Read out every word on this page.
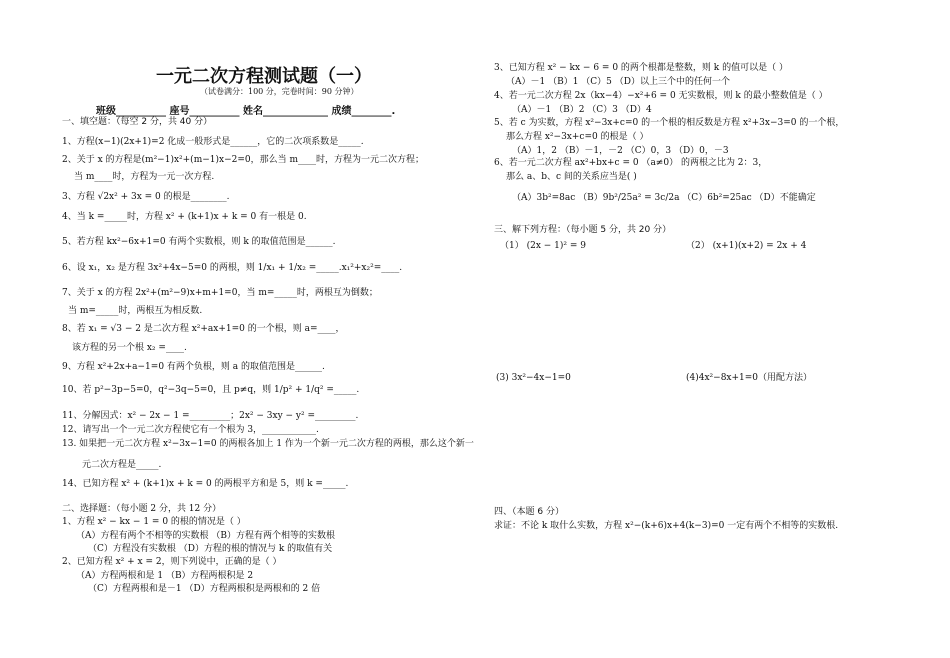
一元二次方程测试题（一）
（试卷满分：100 分，完卷时间：90 分钟）
班级__________ 座号__________ 姓名_____________ 成绩________.
一、填空题：（每空 2 分，共 40 分）
1、方程(x−1)(2x+1)=2 化成一般形式是______，它的二次项系数是_____.
2、关于 x 的方程是(m²−1)x²+(m−1)x−2=0，那么当 m____时，方程为一元二次方程；
当 m____时，方程为一元一次方程.
3、方程 √2x² + 3x = 0 的根是________.
4、当 k =_____时，方程 x² + (k+1)x + k = 0 有一根是 0.
5、若方程 kx²−6x+1=0 有两个实数根，则 k 的取值范围是______.
6、设 x₁，x₂ 是方程 3x²+4x−5=0 的两根，则 1/x₁ + 1/x₂ =_____.x₁²+x₂²=____.
7、关于 x 的方程 2x²+(m²−9)x+m+1=0，当 m=_____时，两根互为倒数；
当 m=_____时，两根互为相反数.
8、若 x₁ = √3 − 2 是二次方程 x²+ax+1=0 的一个根，则 a=____，
该方程的另一个根 x₂ =____.
9、方程 x²+2x+a−1=0 有两个负根，则 a 的取值范围是______.
10、若 p²−3p−5=0，q²−3q−5=0，且 p≠q，则 1/p² + 1/q² =_____.
11、分解因式：x² − 2x − 1 =_________；2x² − 3xy − y² =_________.
12、请写出一个一元二次方程使它有一个根为 3，____________.
13. 如果把一元二次方程 x²−3x−1=0 的两根各加上 1 作为一个新一元二次方程的两根，那么这个新一
元二次方程是_____.
14、已知方程 x² + (k+1)x + k = 0 的两根平方和是 5，则 k =_____.
二、选择题：（每小题 2 分，共 12 分）
1、方程 x² − kx − 1 = 0 的根的情况是（ ）
（A）方程有两个不相等的实数根 （B）方程有两个相等的实数根
（C）方程没有实数根 （D）方程的根的情况与 k 的取值有关
2、已知方程 x² + x = 2，则下列说中，正确的是（ ）
（A）方程两根和是 1 （B）方程两根积是 2
（C）方程两根和是－1 （D）方程两根积是两根和的 2 倍
3、已知方程 x² − kx − 6 = 0 的两个根都是整数，则 k 的值可以是（ ）
（A）－1 （B）1 （C）5 （D）以上三个中的任何一个
4、若一元二次方程 2x（kx−4）−x²+6 = 0 无实数根，则 k 的最小整数值是（ ）
（A）－1 （B）2 （C）3 （D）4
5、若 c 为实数，方程 x²−3x+c=0 的一个根的相反数是方程 x²+3x−3=0 的一个根，
那么方程 x²−3x+c=0 的根是（ ）
（A）1，2 （B）－1，－2 （C）0，3 （D）0，－3
6、若一元二次方程 ax²+bx+c = 0 （a≠0） 的两根之比为 2：3，
那么 a、b、c 间的关系应当是( )
（A）3b²=8ac （B）9b²/25a² = 3c/2a （C）6b²=25ac （D）不能确定
三、解下列方程：（每小题 5 分，共 20 分）
（1） (2x − 1)² = 9	（2） (x+1)(x+2) = 2x + 4
(3) 3x²−4x−1=0	(4)4x²−8x+1=0（用配方法）
四、（本题 6 分）
求证：不论 k 取什么实数，方程 x²−(k+6)x+4(k−3)=0 一定有两个不相等的实数根.
